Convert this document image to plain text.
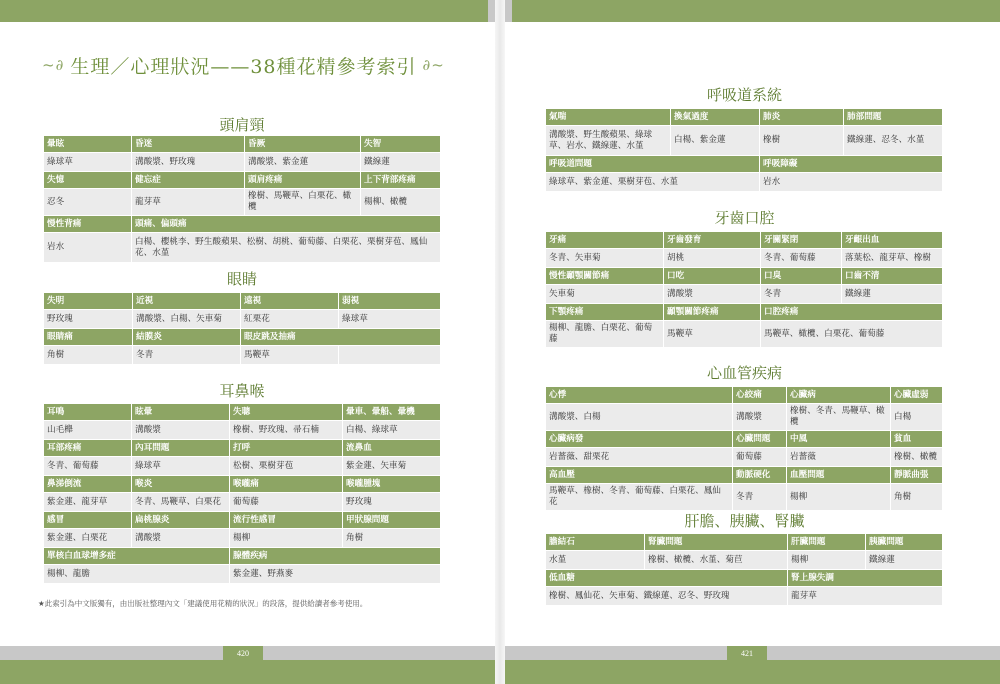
~∂ 生理／心理狀況——38種花精參考索引 ∂~
頭肩頸
暈眩	昏迷	昏厥	失智
綠球草	溝酸漿、野玫瑰	溝酸漿、紫金蓮	鐵線蓮
失憶	健忘症	頭肩疼痛	上下背部疼痛
忍冬	龍芽草	橡樹、馬鞭草、白栗花、橄欖	楊柳、橄欖
慢性背痛	頭痛、偏頭痛		
岩水	白楊、櫻桃李、野生酸蘋果、松樹、胡桃、葡萄藤、白栗花、栗樹芽苞、鳳仙花、水堇		
眼睛
失明	近視	遠視	弱視
野玫瑰	溝酸漿、白楊、矢車菊	紅栗花	綠球草
眼睛痛	結膜炎	眼皮跳及抽痛	
角樹	冬青	馬鞭草	
耳鼻喉
耳鳴	眩暈	失聰	暈車、暈船、暈機
山毛櫸	溝酸漿	橡樹、野玫瑰、帚石楠	白楊、綠球草
耳部疼痛	內耳問題	打呼	流鼻血
冬青、葡萄藤	綠球草	松樹、栗樹芽苞	紫金蓮、矢車菊
鼻涕倒流	喉炎	喉嚨痛	喉嚨腫塊
紫金蓮、龍芽草	冬青、馬鞭草、白栗花	葡萄藤	野玫瑰
感冒	扁桃腺炎	流行性感冒	甲狀腺問題
紫金蓮、白栗花	溝酸漿	楊柳	角樹
單核白血球增多症		腺體疾病	
楊柳、龍膽		紫金蓮、野燕麥	
★此索引為中文版獨有，由出版社整理內文「建議使用花精的狀況」的段落，提供給讀者參考使用。
420
呼吸道系統
氣喘	換氣過度	肺炎	肺部問題
溝酸漿、野生酸蘋果、綠球草、岩水、鐵線蓮、水堇	白楊、紫金蓮	橡樹	鐵線蓮、忍冬、水堇
呼吸道問題		呼吸障礙	
綠球草、紫金蓮、栗樹芽苞、水堇		岩水	
牙齒口腔
牙痛	牙齒發育	牙關緊閉	牙齦出血
冬青、矢車菊	胡桃	冬青、葡萄藤	落葉松、龍芽草、橡樹
慢性顳顎關節痛	口吃	口臭	口齒不清
矢車菊	溝酸漿	冬青	鐵線蓮
下顎疼痛	顳顎關節疼痛	口腔疼痛	
楊柳、龍膽、白栗花、葡萄藤	馬鞭草	馬鞭草、橄欖、白栗花、葡萄藤	
心血管疾病
心悸	心絞痛	心臟病	心臟虛弱
溝酸漿、白楊	溝酸漿	橡樹、冬青、馬鞭草、橄欖	白楊
心臟病發	心臟問題	中風	貧血
岩薔薇、甜栗花	葡萄藤	岩薔薇	橡樹、橄欖
高血壓	動脈硬化	血壓問題	靜脈曲張
馬鞭草、橡樹、冬青、葡萄藤、白栗花、鳳仙花	冬青	楊柳	角樹
肝膽、胰臟、腎臟
膽結石	腎臟問題	肝臟問題	胰臟問題
水堇	橡樹、橄欖、水堇、菊苣	楊柳	鐵線蓮
低血糖		腎上腺失調	
橡樹、鳳仙花、矢車菊、鐵線蓮、忍冬、野玫瑰		龍芽草	
421
